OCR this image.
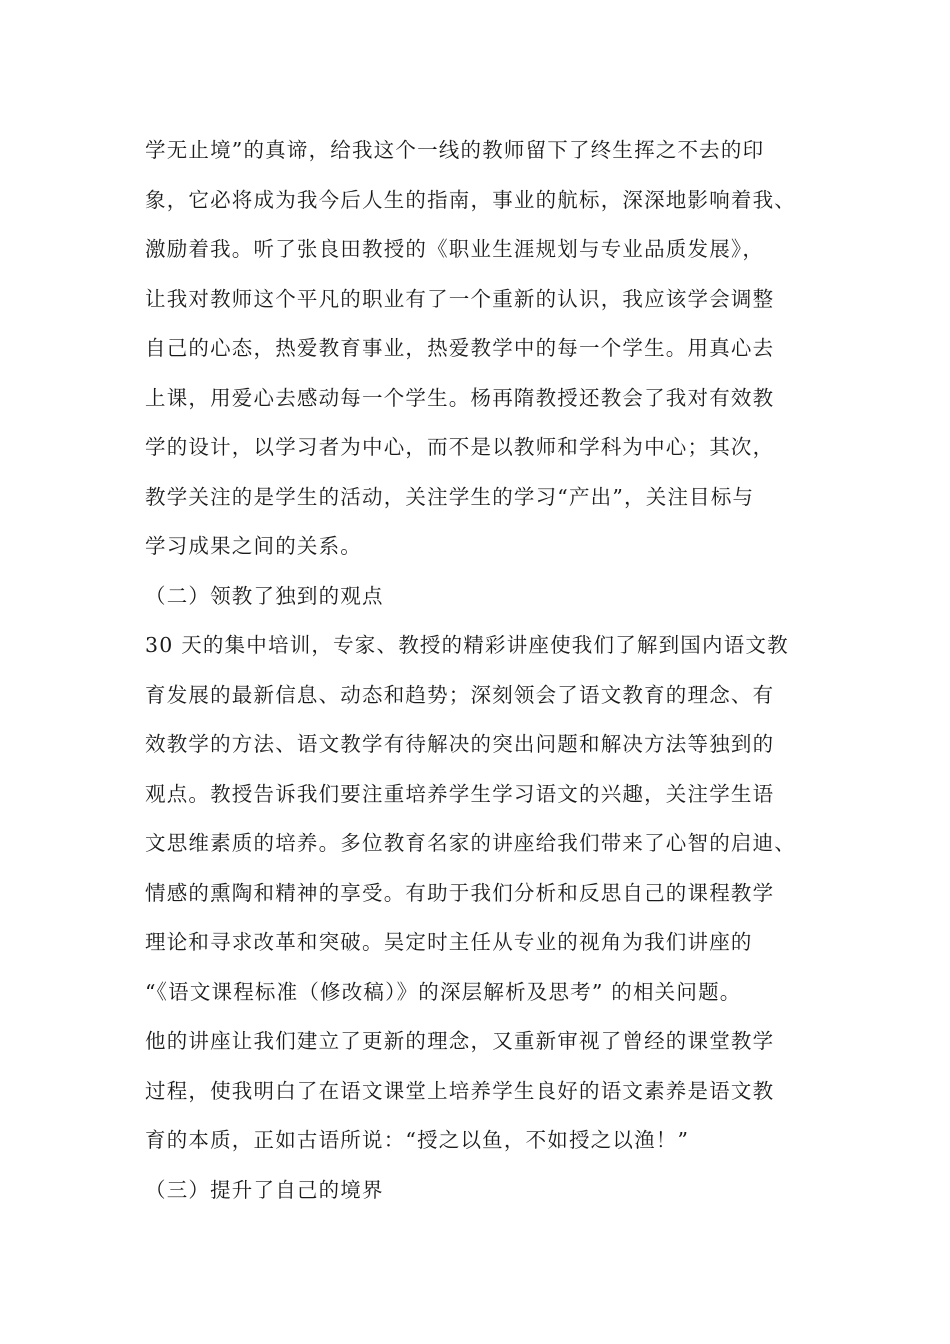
学无止境”的真谛，给我这个一线的教师留下了终生挥之不去的印
象，它必将成为我今后人生的指南，事业的航标，深深地影响着我、
激励着我。听了张良田教授的《职业生涯规划与专业品质发展》，
让我对教师这个平凡的职业有了一个重新的认识，我应该学会调整
自己的心态，热爱教育事业，热爱教学中的每一个学生。用真心去
上课，用爱心去感动每一个学生。杨再隋教授还教会了我对有效教
学的设计，以学习者为中心，而不是以教师和学科为中心；其次，
教学关注的是学生的活动，关注学生的学习“产出”，关注目标与
学习成果之间的关系。
（二）领教了独到的观点
30 天的集中培训，专家、教授的精彩讲座使我们了解到国内语文教
育发展的最新信息、动态和趋势；深刻领会了语文教育的理念、有
效教学的方法、语文教学有待解决的突出问题和解决方法等独到的
观点。教授告诉我们要注重培养学生学习语文的兴趣，关注学生语
文思维素质的培养。多位教育名家的讲座给我们带来了心智的启迪、
情感的熏陶和精神的享受。有助于我们分析和反思自己的课程教学
理论和寻求改革和突破。吴定时主任从专业的视角为我们讲座的
“《语文课程标准（修改稿）》的深层解析及思考” 的相关问题。
他的讲座让我们建立了更新的理念，又重新审视了曾经的课堂教学
过程，使我明白了在语文课堂上培养学生良好的语文素养是语文教
育的本质，正如古语所说：“授之以鱼，不如授之以渔！”
（三）提升了自己的境界
